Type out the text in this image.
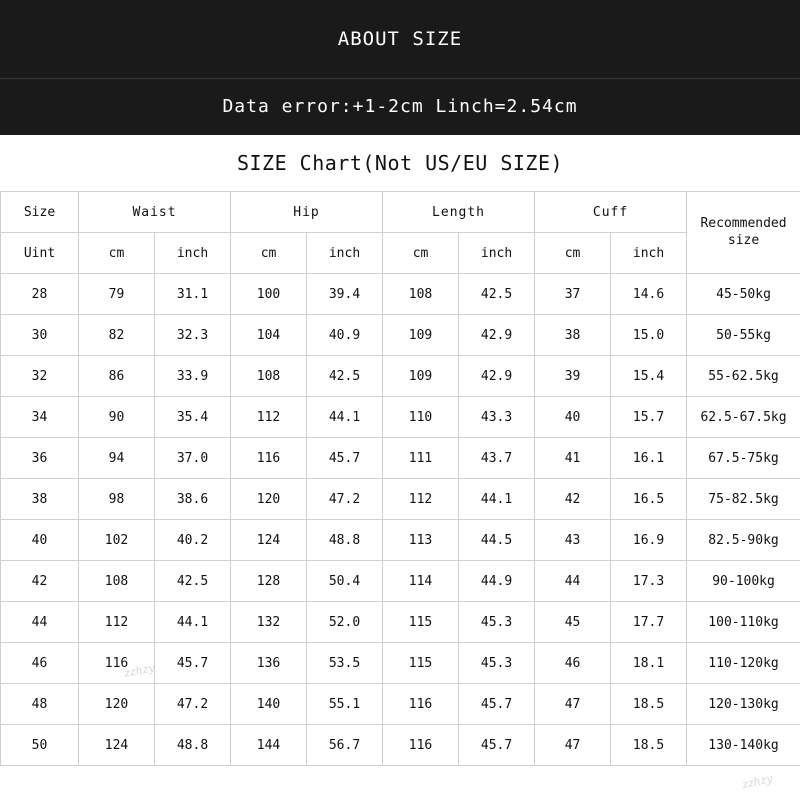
ABOUT SIZE
Data error:+1-2cm Linch=2.54cm
SIZE Chart(Not US/EU SIZE)
Size	Waist		Hip		Length		Cuff		Recommended size
Uint	cm	inch	cm	inch	cm	inch	cm	inch	
28	79	31.1	100	39.4	108	42.5	37	14.6	45-50kg
30	82	32.3	104	40.9	109	42.9	38	15.0	50-55kg
32	86	33.9	108	42.5	109	42.9	39	15.4	55-62.5kg
34	90	35.4	112	44.1	110	43.3	40	15.7	62.5-67.5kg
36	94	37.0	116	45.7	111	43.7	41	16.1	67.5-75kg
38	98	38.6	120	47.2	112	44.1	42	16.5	75-82.5kg
40	102	40.2	124	48.8	113	44.5	43	16.9	82.5-90kg
42	108	42.5	128	50.4	114	44.9	44	17.3	90-100kg
44	112	44.1	132	52.0	115	45.3	45	17.7	100-110kg
46	116	45.7	136	53.5	115	45.3	46	18.1	110-120kg
48	120	47.2	140	55.1	116	45.7	47	18.5	120-130kg
50	124	48.8	144	56.7	116	45.7	47	18.5	130-140kg
zzhzy
zzhzy
